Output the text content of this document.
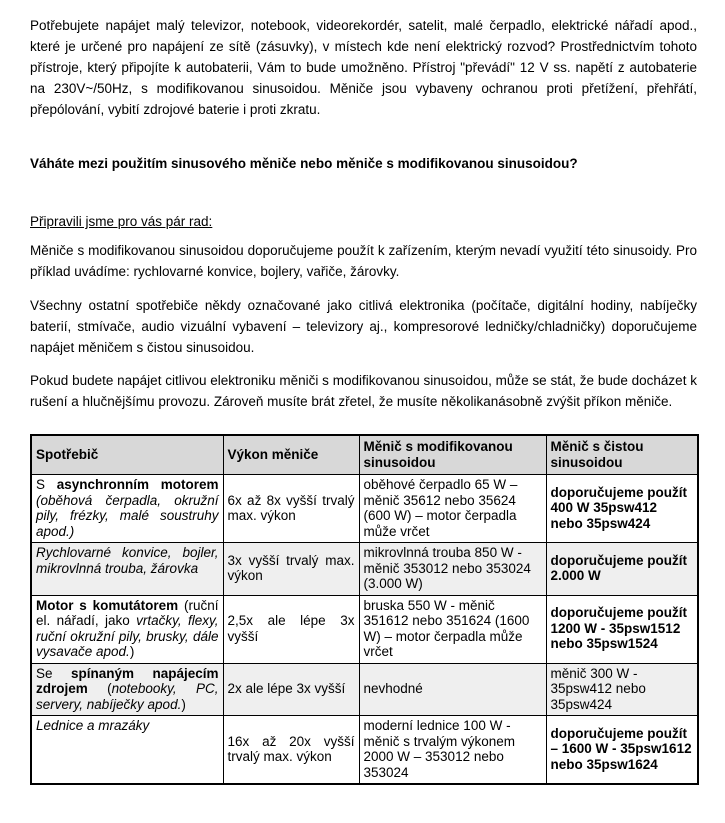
Potřebujete napájet malý televizor, notebook, videorekordér, satelit, malé čerpadlo, elektrické nářadí apod., které je určené pro napájení ze sítě (zásuvky), v místech kde není elektrický rozvod? Prostřednictvím tohoto přístroje, který připojíte k autobaterii, Vám to bude umožněno. Přístroj "převádí" 12 V ss. napětí z autobaterie na 230V~/50Hz, s modifikovanou sinusoidou. Měniče jsou vybaveny ochranou proti přetížení, přehřátí, přepólování, vybití zdrojové baterie i proti zkratu.

Váháte mezi použitím sinusového měniče nebo měniče s modifikovanou sinusoidou?

Připravili jsme pro vás pár rad:

Měniče s modifikovanou sinusoidou doporučujeme použít k zařízením, kterým nevadí využití této sinusoidy. Pro příklad uvádíme: rychlovarné konvice, bojlery, vařiče, žárovky.

Všechny ostatní spotřebiče někdy označované jako citlivá elektronika (počítače, digitální hodiny, nabíječky baterií, stmívače, audio vizuální vybavení – televizory aj., kompresorové ledničky/chladničky) doporučujeme napájet měničem s čistou sinusoidou.

Pokud budete napájet citlivou elektroniku měniči s modifikovanou sinusoidou, může se stát, že bude docházet k rušení a hlučnějšímu provozu. Zároveň musíte brát zřetel, že musíte několikanásobně zvýšit příkon měniče.

Spotřebič	Výkon měniče	Měnič s modifikovanou sinusoidou	Měnič s čistou sinusoidou
S asynchronním motorem (oběhová čerpadla, okružní pily, frézky, malé soustruhy apod.)	6x až 8x vyšší trvalý max. výkon	oběhové čerpadlo 65 W – měnič 35612 nebo 35624 (600 W) – motor čerpadla může vrčet	doporučujeme použít 400 W 35psw412 nebo 35psw424
Rychlovarné konvice, bojler, mikrovlnná trouba, žárovka	3x vyšší trvalý max. výkon	mikrovlnná trouba 850 W - měnič 353012 nebo 353024 (3.000 W)	doporučujeme použít 2.000 W
Motor s komutátorem (ruční el. nářadí, jako vrtačky, flexy, ruční okružní pily, brusky, dále vysavače apod.)	2,5x ale lépe 3x vyšší	bruska 550 W - měnič 351612 nebo 351624 (1600 W) – motor čerpadla může vrčet	doporučujeme použít 1200 W - 35psw1512 nebo 35psw1524
Se spínaným napájecím zdrojem (notebooky, PC, servery, nabíječky apod.)	2x ale lépe 3x vyšší	nevhodné	měnič 300 W - 35psw412 nebo 35psw424
Lednice a mrazáky	16x až 20x vyšší trvalý max. výkon	moderní lednice 100 W - měnič s trvalým výkonem 2000 W – 353012 nebo 353024	doporučujeme použít – 1600 W - 35psw1612 nebo 35psw1624
